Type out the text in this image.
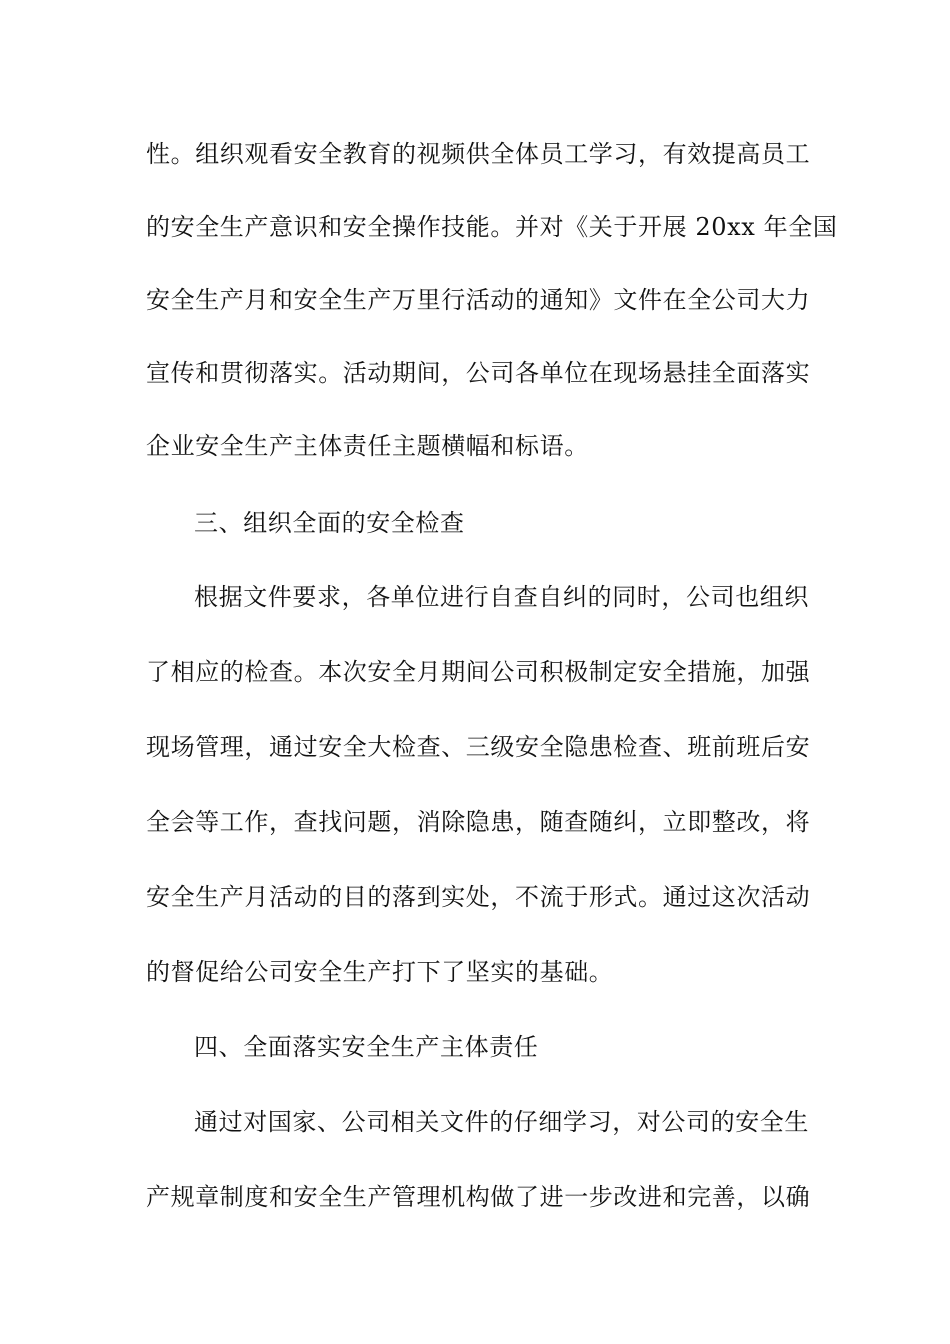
性。组织观看安全教育的视频供全体员工学习，有效提高员工
的安全生产意识和安全操作技能。并对《关于开展 20xx 年全国
安全生产月和安全生产万里行活动的通知》文件在全公司大力
宣传和贯彻落实。活动期间，公司各单位在现场悬挂全面落实
企业安全生产主体责任主题横幅和标语。
三、组织全面的安全检查
根据文件要求，各单位进行自查自纠的同时，公司也组织
了相应的检查。本次安全月期间公司积极制定安全措施，加强
现场管理，通过安全大检查、三级安全隐患检查、班前班后安
全会等工作，查找问题，消除隐患，随查随纠，立即整改，将
安全生产月活动的目的落到实处，不流于形式。通过这次活动
的督促给公司安全生产打下了坚实的基础。
四、全面落实安全生产主体责任
通过对国家、公司相关文件的仔细学习，对公司的安全生
产规章制度和安全生产管理机构做了进一步改进和完善，以确
